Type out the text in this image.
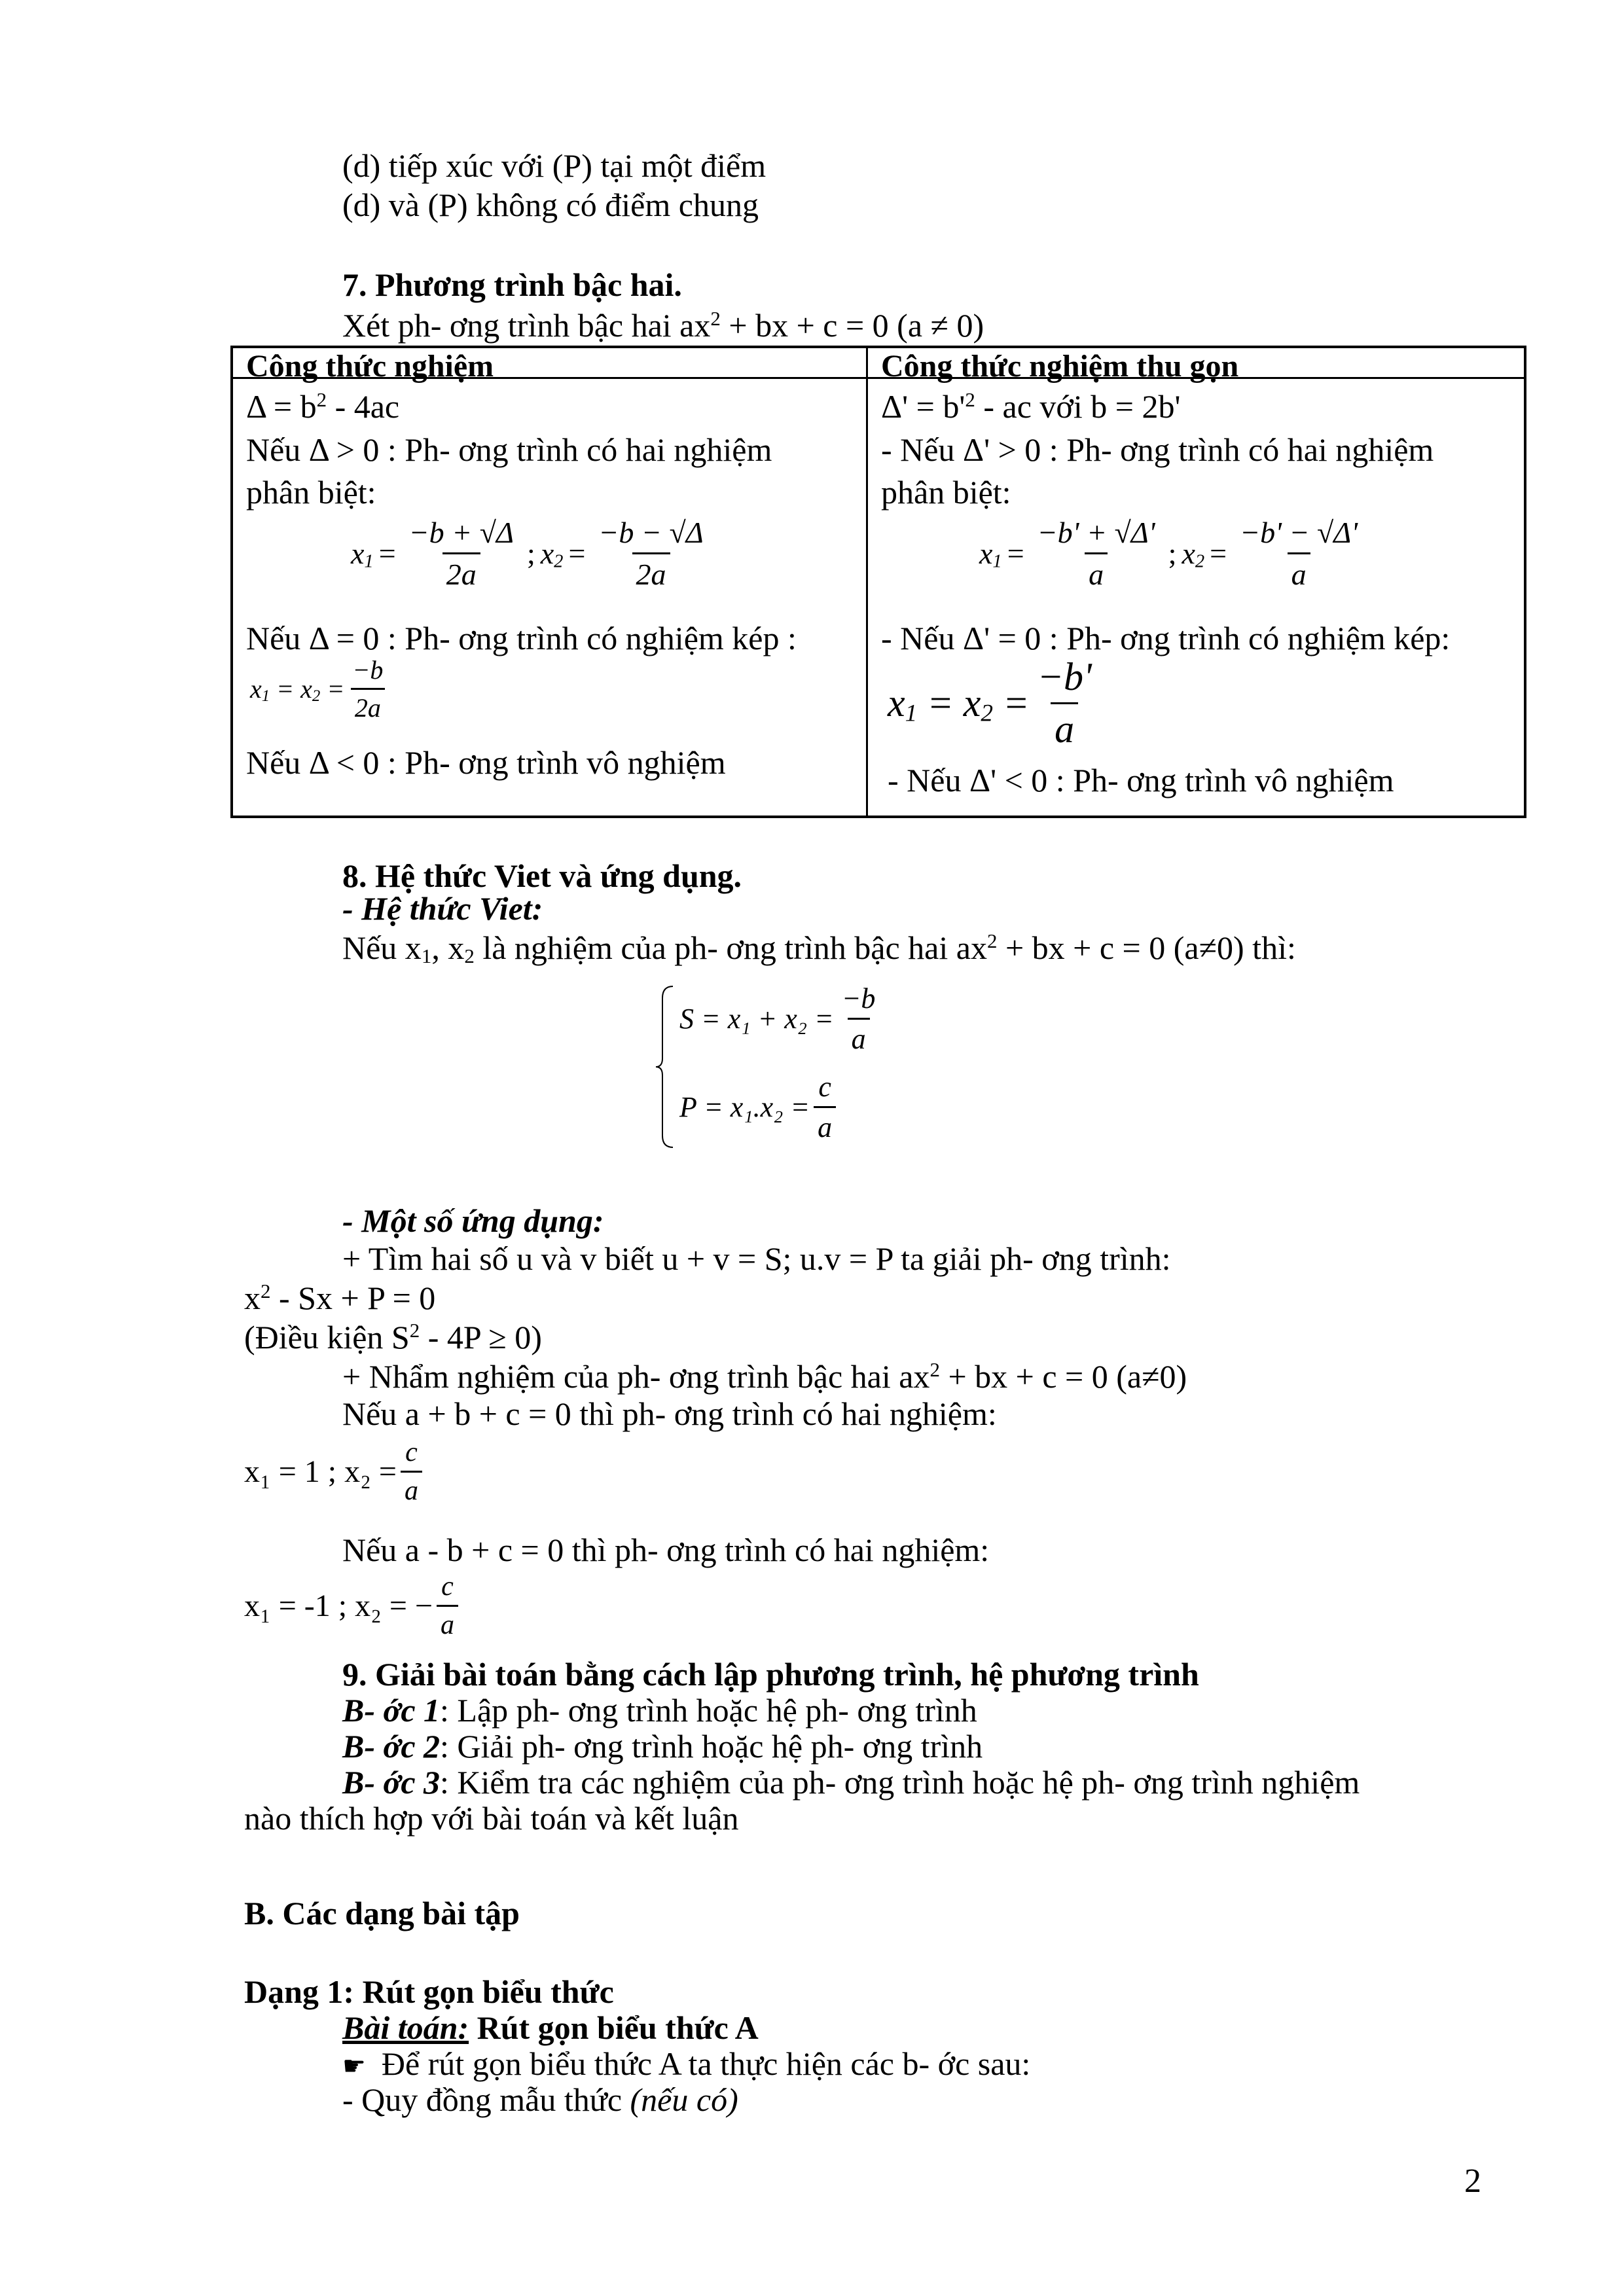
(d) tiếp xúc với (P) tại một điểm
(d) và (P) không có điểm chung
7. Phương trình bậc hai.
Xét ph- ơng trình bậc hai $ax^2$ + bx + c = 0 (a ≠ 0)
Công thức nghiệm	Công thức nghiệm thu gọn
$\Delta = b^2 - 4ac$
Nếu Δ > 0 : Ph- ơng trình có hai nghiệm
phân biệt:
$x_1 = \frac{-b + √\Delta}{2a}$ ; $x_2 = \frac{-b - √\Delta}{2a}$
Nếu Δ = 0 : Ph- ơng trình có nghiệm kép :
$x_1 = x_2 = \frac{-b}{2a}$
Nếu Δ < 0 : Ph- ơng trình vô nghiệm
$\Delta' = b'^2$ - ac với b = 2b'
- Nếu Δ' > 0 : Ph- ơng trình có hai nghiệm
phân biệt:
$x_1 = \frac{-b' + √\Delta'}{a}$ ; $x_2 = \frac{-b' - √\Delta'}{a}$
- Nếu Δ' = 0 : Ph- ơng trình có nghiệm kép:
$x_1 = x_2 = \frac{-b'}{a}$
- Nếu Δ' < 0 : Ph- ơng trình vô nghiệm
8. Hệ thức Viet và ứng dụng.
- Hệ thức Viet:
Nếu $x_1$, $x_2$ là nghiệm của ph- ơng trình bậc hai $ax^2$ + bx + c = 0 (a≠0) thì:
$S = x_1 + x_2 = \frac{-b}{a}$
$P = x_1.x_2 = \frac{c}{a}$
- Một số ứng dụng:
+ Tìm hai số u và v biết u + v = S; u.v = P ta giải ph- ơng trình:
$x^2 - Sx + P = 0$
(Điều kiện $S^2 - 4P \ge 0$)
+ Nhẩm nghiệm của ph- ơng trình bậc hai $ax^2$ + bx + c = 0 (a≠0)
Nếu a + b + c = 0 thì ph- ơng trình có hai nghiệm:
x₁ = 1 ; $x_2 = \frac{c}{a}$
Nếu a - b + c = 0 thì ph- ơng trình có hai nghiệm:
x₁ = -1 ; x₂ = − $\frac{c}{a}$
9. Giải bài toán bằng cách lập phương trình, hệ phương trình
B- ớc 1: Lập ph- ơng trình hoặc hệ ph- ơng trình
B- ớc 2: Giải ph- ơng trình hoặc hệ ph- ơng trình
B- ớc 3: Kiểm tra các nghiệm của ph- ơng trình hoặc hệ ph- ơng trình nghiệm
nào thích hợp với bài toán và kết luận
B. Các dạng bài tập
Dạng 1: Rút gọn biểu thức
Bài toán: Rút gọn biểu thức A
☛ Để rút gọn biểu thức A ta thực hiện các b- ớc sau:
- Quy đồng mẫu thức (nếu có)
2
